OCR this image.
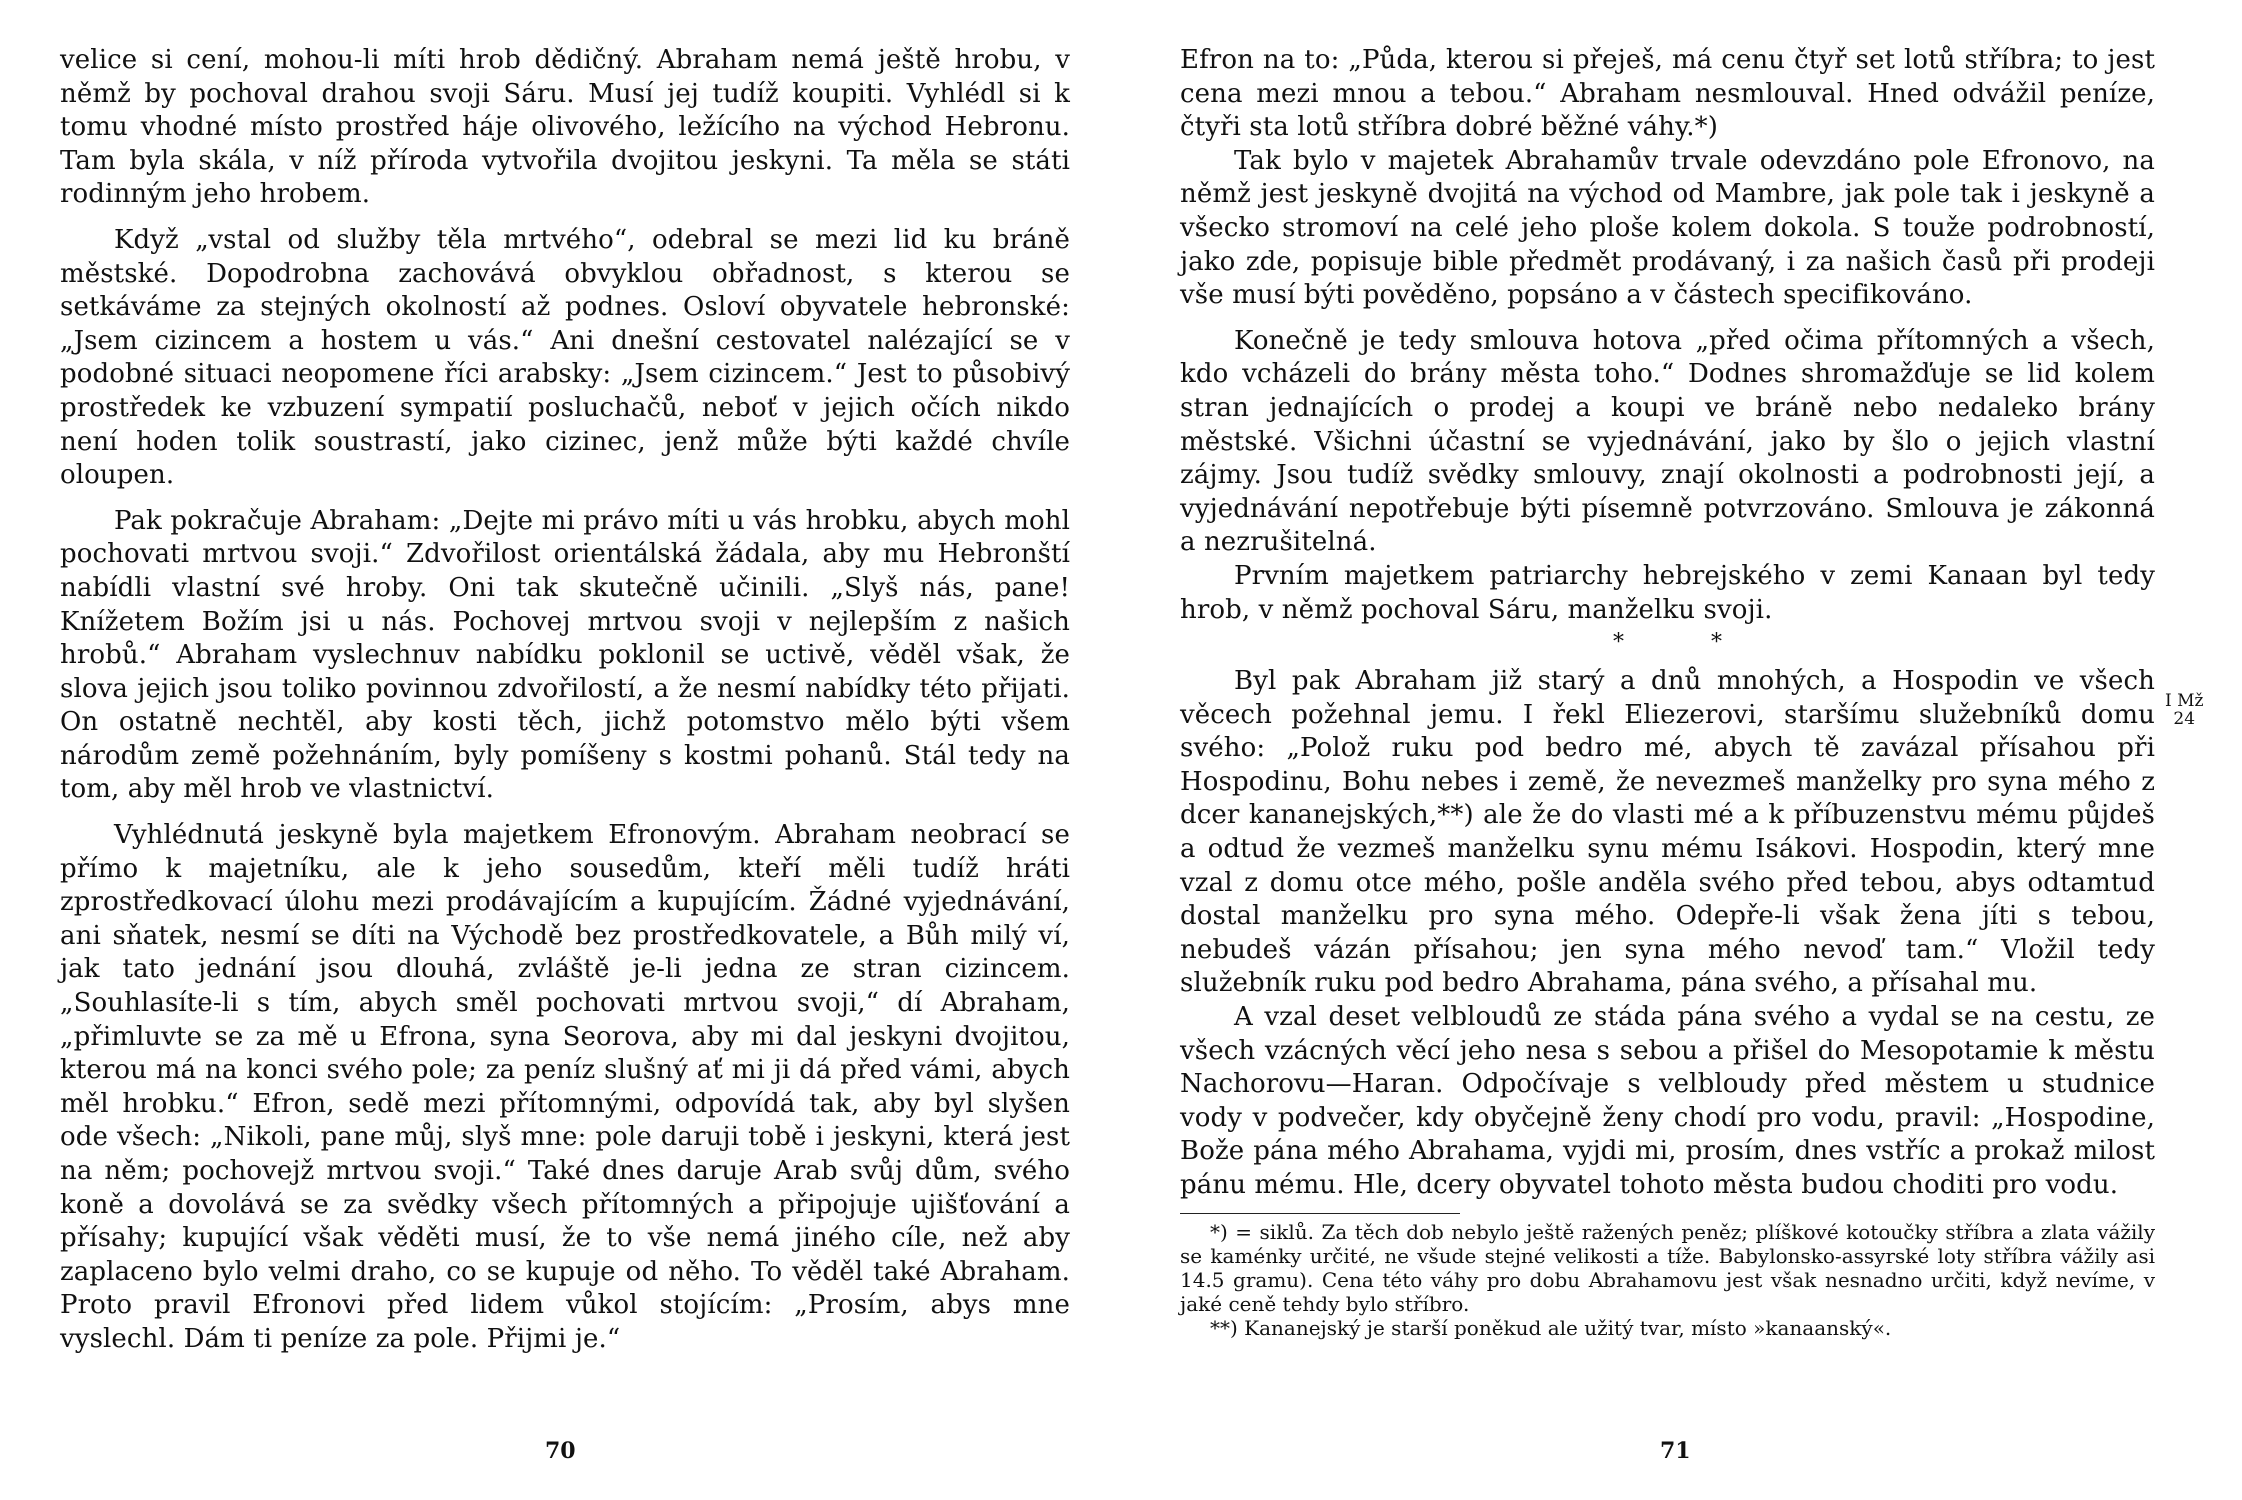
velice si cení, mohou-li míti hrob dědičný. Abraham nemá ještě hrobu, v němž by pochoval drahou svoji Sáru. Musí jej tudíž koupiti. Vyhlédl si k tomu vhodné místo prostřed háje olivového, ležícího na východ Hebronu. Tam byla skála, v níž příroda vytvořila dvojitou jeskyni. Ta měla se státi rodinným jeho hrobem.

Když „vstal od služby těla mrtvého“, odebral se mezi lid ku bráně městské. Dopodrobna zachovává obvyklou obřadnost, s kterou se setkáváme za stejných okolností až podnes. Osloví obyvatele hebronské: „Jsem cizincem a hostem u vás.“ Ani dnešní cestovatel nalézající se v podobné situaci neopomene říci arabsky: „Jsem cizincem.“ Jest to působivý prostředek ke vzbuzení sympatií posluchačů, neboť v jejich očích nikdo není hoden tolik soustrastí, jako cizinec, jenž může býti každé chvíle oloupen.

Pak pokračuje Abraham: „Dejte mi právo míti u vás hrobku, abych mohl pochovati mrtvou svoji.“ Zdvořilost orientálská žádala, aby mu Hebronští nabídli vlastní své hroby. Oni tak skutečně učinili. „Slyš nás, pane! Knížetem Božím jsi u nás. Pochovej mrtvou svoji v nejlepším z našich hrobů.“ Abraham vyslechnuv nabídku poklonil se uctivě, věděl však, že slova jejich jsou toliko povinnou zdvořilostí, a že nesmí nabídky této přijati. On ostatně nechtěl, aby kosti těch, jichž potomstvo mělo býti všem národům země požehnáním, byly pomíšeny s kostmi pohanů. Stál tedy na tom, aby měl hrob ve vlastnictví.

Vyhlédnutá jeskyně byla majetkem Efronovým. Abraham neobrací se přímo k majetníku, ale k jeho sousedům, kteří měli tudíž hráti zprostředkovací úlohu mezi prodávajícím a kupujícím. Žádné vyjednávání, ani sňatek, nesmí se díti na Východě bez prostředkovatele, a Bůh milý ví, jak tato jednání jsou dlouhá, zvláště je-li jedna ze stran cizincem. „Souhlasíte-li s tím, abych směl pochovati mrtvou svoji,“ dí Abraham, „přimluvte se za mě u Efrona, syna Seorova, aby mi dal jeskyni dvojitou, kterou má na konci svého pole; za peníz slušný ať mi ji dá před vámi, abych měl hrobku.“ Efron, sedě mezi přítomnými, odpovídá tak, aby byl slyšen ode všech: „Nikoli, pane můj, slyš mne: pole daruji tobě i jeskyni, která jest na něm; pochovejž mrtvou svoji.“ Také dnes daruje Arab svůj dům, svého koně a dovolává se za svědky všech přítomných a připojuje ujišťování a přísahy; kupující však věděti musí, že to vše nemá jiného cíle, než aby zaplaceno bylo velmi draho, co se kupuje od něho. To věděl také Abraham. Proto pravil Efronovi před lidem vůkol stojícím: „Prosím, abys mne vyslechl. Dám ti peníze za pole. Přijmi je.“

70

Efron na to: „Půda, kterou si přeješ, má cenu čtyř set lotů stříbra; to jest cena mezi mnou a tebou.“ Abraham nesmlouval. Hned odvážil peníze, čtyři sta lotů stříbra dobré běžné váhy.*)

Tak bylo v majetek Abrahamův trvale odevzdáno pole Efronovo, na němž jest jeskyně dvojitá na východ od Mambre, jak pole tak i jeskyně a všecko stromoví na celé jeho ploše kolem dokola. S touže podrobností, jako zde, popisuje bible předmět prodávaný, i za našich časů při prodeji vše musí býti pověděno, popsáno a v částech specifikováno.

Konečně je tedy smlouva hotova „před očima přítomných a všech, kdo vcházeli do brány města toho.“ Dodnes shromažďuje se lid kolem stran jednajících o prodej a koupi ve bráně nebo nedaleko brány městské. Všichni účastní se vyjednávání, jako by šlo o jejich vlastní zájmy. Jsou tudíž svědky smlouvy, znají okolnosti a podrobnosti její, a vyjednávání nepotřebuje býti písemně potvrzováno. Smlouva je zákonná a nezrušitelná.

Prvním majetkem patriarchy hebrejského v zemi Kanaan byl tedy hrob, v němž pochoval Sáru, manželku svoji.

* *

Byl pak Abraham již starý a dnů mnohých, a Hospodin ve všech věcech požehnal jemu. I řekl Eliezerovi, staršímu služebníků domu svého: „Polož ruku pod bedro mé, abych tě zavázal přísahou při Hospodinu, Bohu nebes i země, že nevezmeš manželky pro syna mého z dcer kananejských,**) ale že do vlasti mé a k příbuzenstvu mému půjdeš a odtud že vezmeš manželku synu mému Isákovi. Hospodin, který mne vzal z domu otce mého, pošle anděla svého před tebou, abys odtamtud dostal manželku pro syna mého. Odepře-li však žena jíti s tebou, nebudeš vázán přísahou; jen syna mého nevoď tam.“ Vložil tedy služebník ruku pod bedro Abrahama, pána svého, a přísahal mu.

A vzal deset velbloudů ze stáda pána svého a vydal se na cestu, ze všech vzácných věcí jeho nesa s sebou a přišel do Mesopotamie k městu Nachorovu—Haran. Odpočívaje s velbloudy před městem u studnice vody v podvečer, kdy obyčejně ženy chodí pro vodu, pravil: „Hospodine, Bože pána mého Abrahama, vyjdi mi, prosím, dnes vstříc a prokaž milost pánu mému. Hle, dcery obyvatel tohoto města budou choditi pro vodu.

*) = siklů. Za těch dob nebylo ještě ražených peněz; plíškové kotoučky stříbra a zlata vážily se kaménky určité, ne všude stejné velikosti a tíže. Babylonsko-assyrské loty stříbra vážily asi 14.5 gramu). Cena této váhy pro dobu Abrahamovu jest však nesnadno určiti, když nevíme, v jaké ceně tehdy bylo stříbro.

**) Kananejský je starší poněkud ale užitý tvar, místo »kanaanský«.

I Mž
24
71
